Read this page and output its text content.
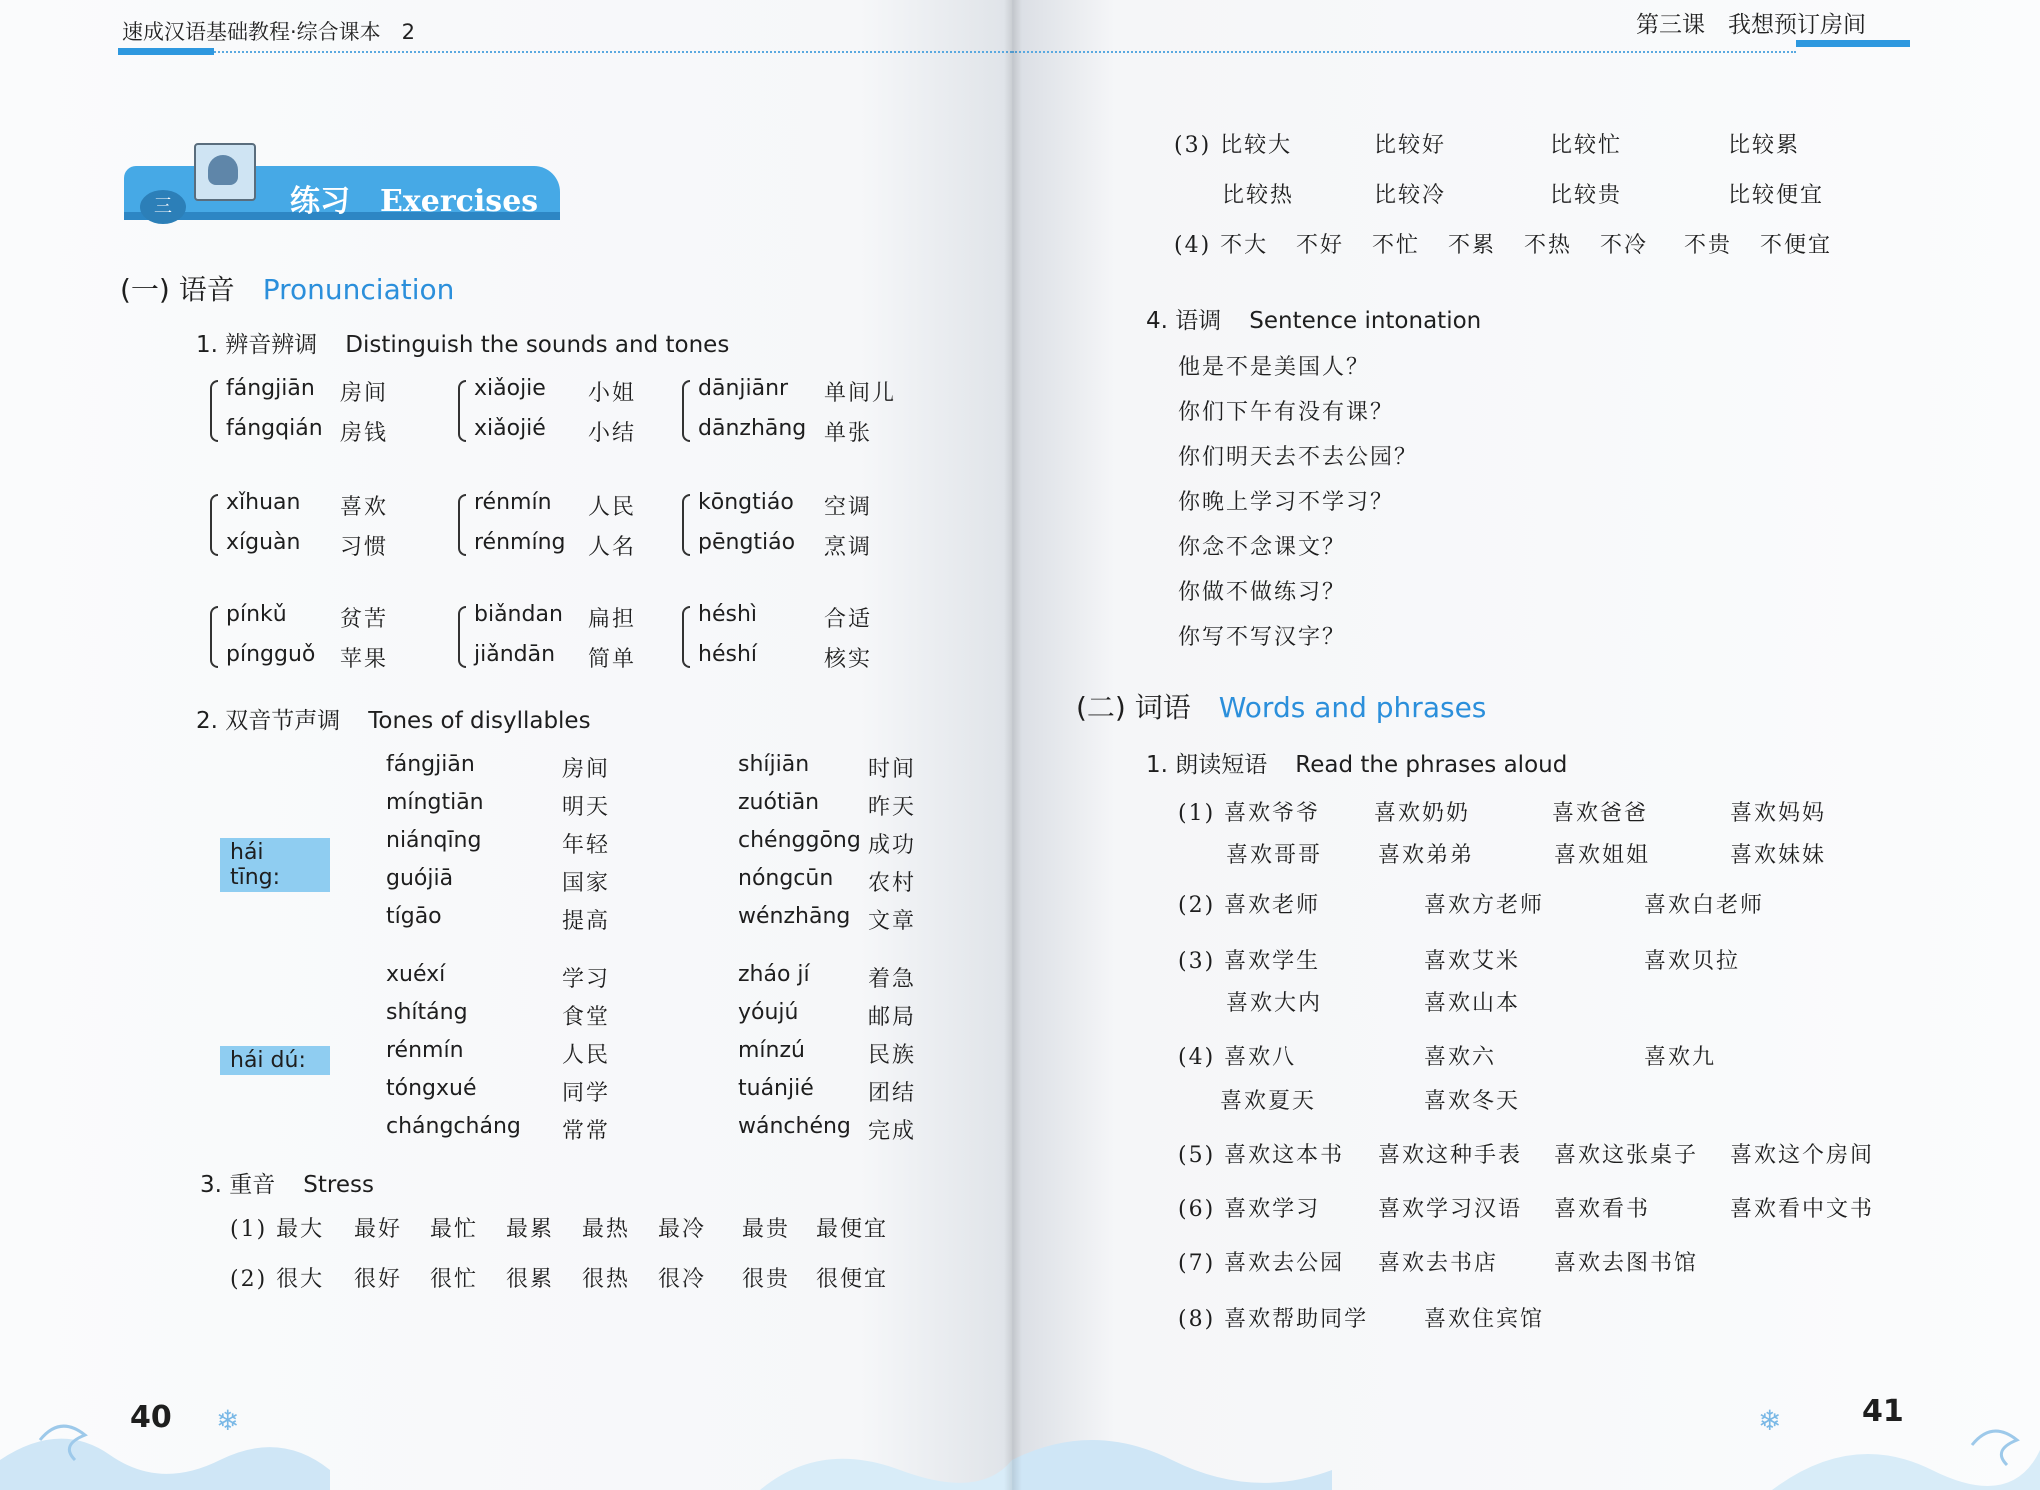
速成汉语基础教程·综合课本　2
三	练习　Exercises
(一) 语音 Pronunciation
1. 辨音辨调 Distinguish the sounds and tones
fángjiān 房间
fángqián 房钱
xiǎojie 小姐
xiǎojié 小结
dānjiānr 单间儿
dānzhāng 单张
xǐhuan 喜欢
xíguàn 习惯
rénmín 人民
rénmíng 人名
kōngtiáo 空调
pēngtiáo 烹调
pínkǔ 贫苦
píngguǒ 苹果
biǎndan 扁担
jiǎndān 简单
héshì	合适
héshí	核实
2. 双音节声调 Tones of disyllables
hái tīng:
hái dú:
fángjiān	房间
míngtiān	明天
niánqīng	年轻
guójiā	国家
tígāo	提高
shíjiān	时间
zuótiān 昨天
chénggōng 成功
nóngcūn 农村
wénzhāng 文章
xuéxí	学习
shítáng	食堂
rénmín	人民
tóngxué	同学
chángcháng 常常
zháo jí	着急
yóujú	邮局
mínzú	民族
tuánjié 团结
wánchéng 完成
3. 重音 Stress
(1) 最大 最好 最忙 最累 最热 最冷 最贵 最便宜
(2) 很大 很好 很忙 很累 很热 很冷 很贵 很便宜
40 ❄
第三课　我想预订房间
(3) 比较大	比较好	比较忙	比较累
比较热	比较冷	比较贵	比较便宜
(4) 不大 不好 不忙 不累 不热 不冷 不贵 不便宜
4. 语调 Sentence intonation
他是不是美国人？
你们下午有没有课？
你们明天去不去公园？
你晚上学习不学习？
你念不念课文？
你做不做练习？
你写不写汉字？
(二) 词语 Words and phrases
1. 朗读短语 Read the phrases aloud
(1) 喜欢爷爷 喜欢奶奶	喜欢爸爸	喜欢妈妈
喜欢哥哥	喜欢弟弟	喜欢姐姐	喜欢妹妹
(2) 喜欢老师	喜欢方老师	喜欢白老师
(3) 喜欢学生	喜欢艾米	喜欢贝拉
喜欢大内	喜欢山本
(4) 喜欢八	喜欢六	喜欢九
喜欢夏天	喜欢冬天
(5) 喜欢这本书 喜欢这种手表 喜欢这张桌子 喜欢这个房间
(6) 喜欢学习	喜欢学习汉语 喜欢看书	喜欢看中文书
(7) 喜欢去公园 喜欢去书店	喜欢去图书馆
(8) 喜欢帮助同学	喜欢住宾馆
41
❄
